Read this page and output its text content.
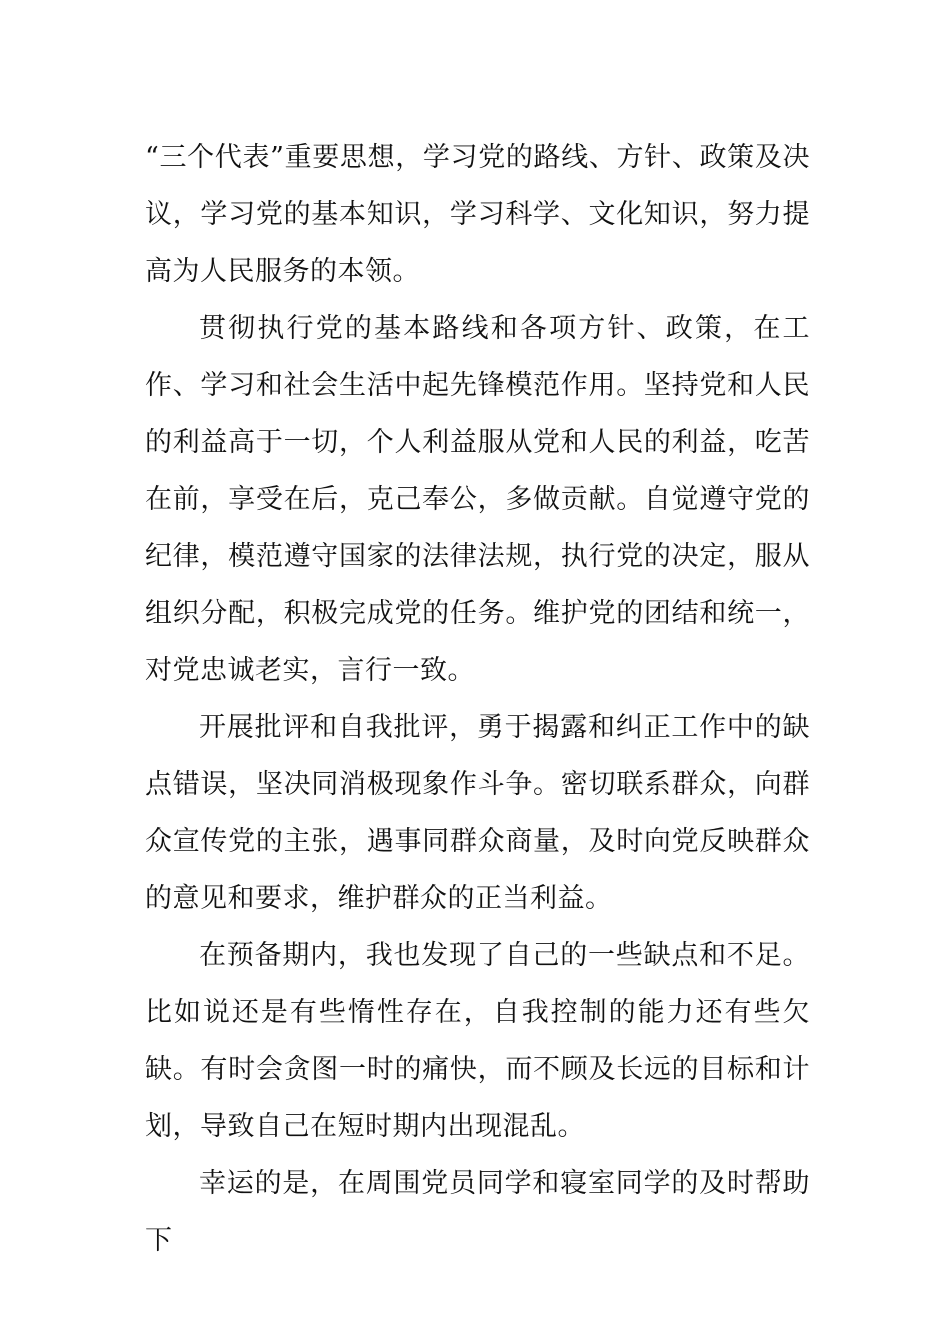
“三个代表”重要思想，学习党的路线、方针、政策及决议，学习党的基本知识，学习科学、文化知识，努力提高为人民服务的本领。

贯彻执行党的基本路线和各项方针、政策，在工作、学习和社会生活中起先锋模范作用。坚持党和人民的利益高于一切，个人利益服从党和人民的利益，吃苦在前，享受在后，克己奉公，多做贡献。自觉遵守党的纪律，模范遵守国家的法律法规，执行党的决定，服从组织分配，积极完成党的任务。维护党的团结和统一，对党忠诚老实，言行一致。

开展批评和自我批评，勇于揭露和纠正工作中的缺点错误，坚决同消极现象作斗争。密切联系群众，向群众宣传党的主张，遇事同群众商量，及时向党反映群众的意见和要求，维护群众的正当利益。

在预备期内，我也发现了自己的一些缺点和不足。比如说还是有些惰性存在，自我控制的能力还有些欠缺。有时会贪图一时的痛快，而不顾及长远的目标和计划，导致自己在短时期内出现混乱。

幸运的是，在周围党员同学和寝室同学的及时帮助下
